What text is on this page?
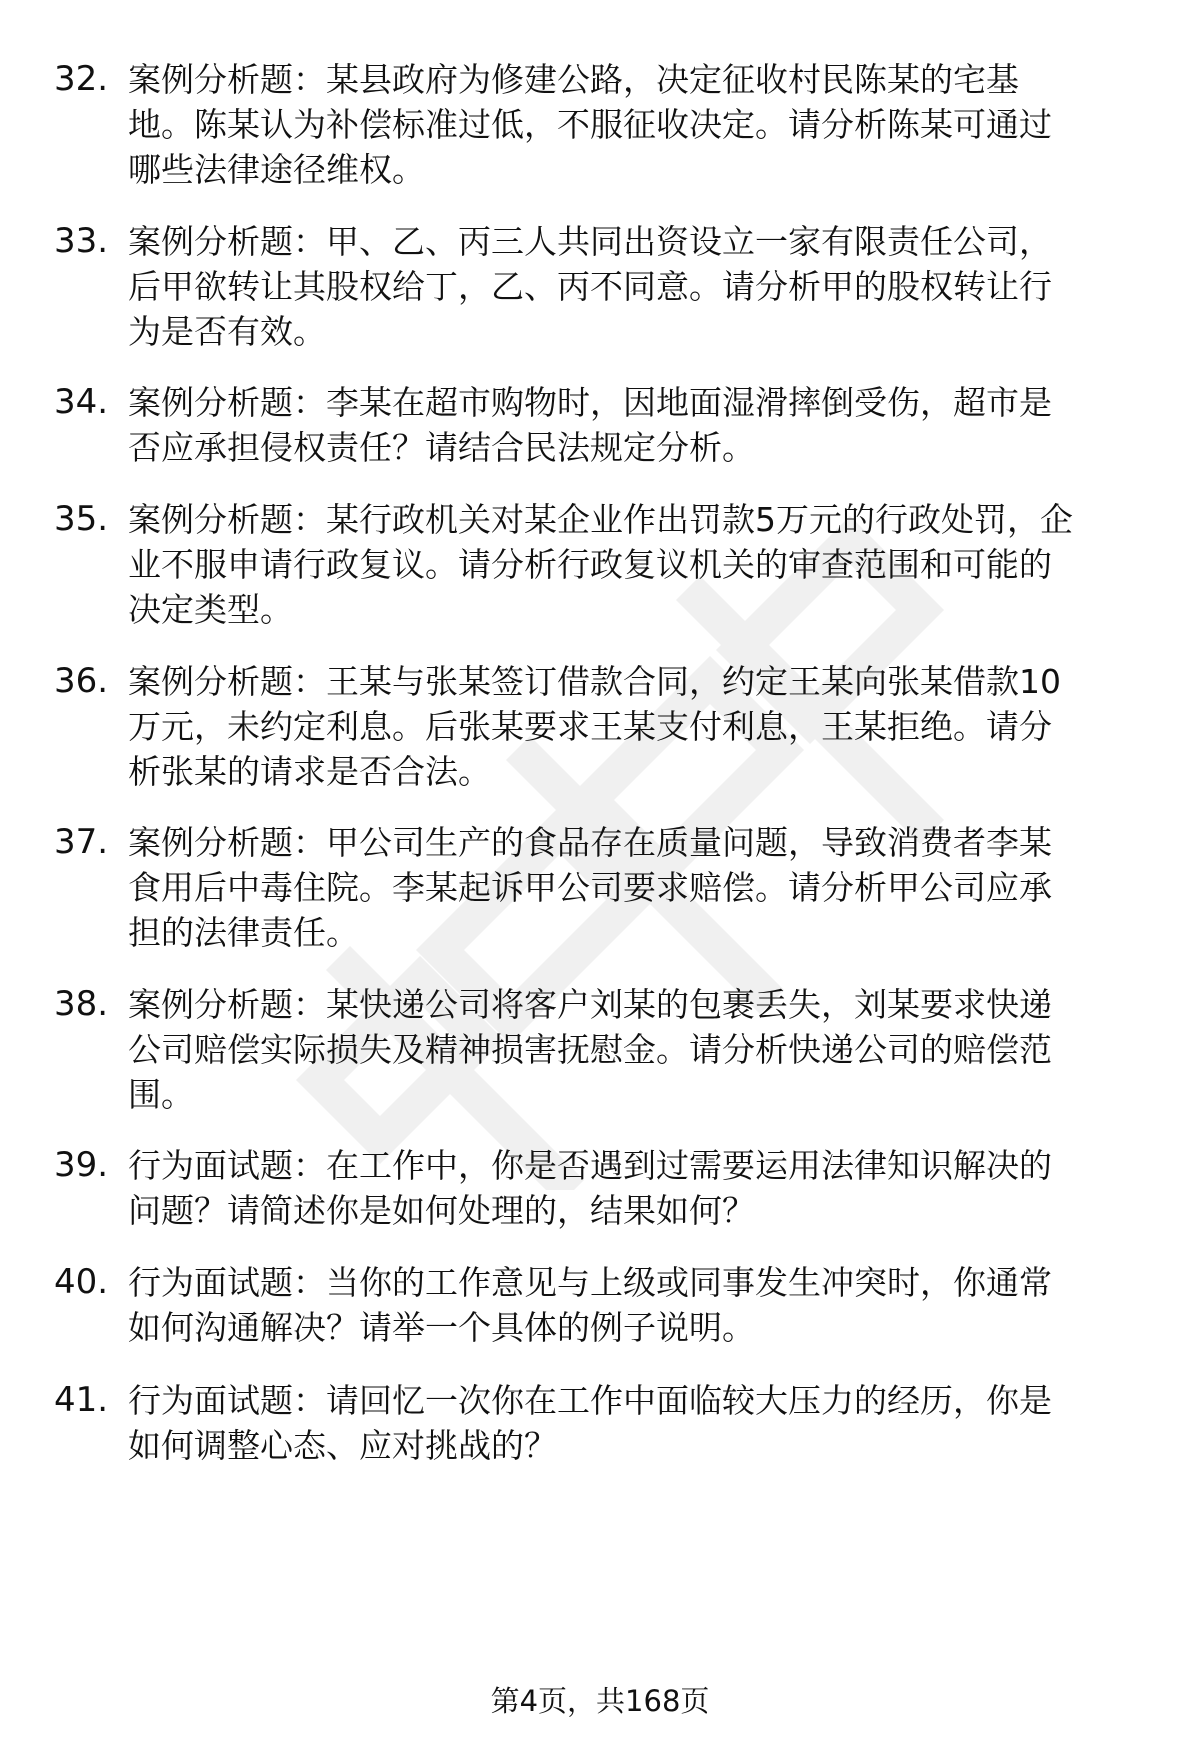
32. 案例分析题：某县政府为修建公路，决定征收村民陈某的宅基
地。陈某认为补偿标准过低，不服征收决定。请分析陈某可通过
哪些法律途径维权。
33. 案例分析题：甲、乙、丙三人共同出资设立一家有限责任公司，
后甲欲转让其股权给丁，乙、丙不同意。请分析甲的股权转让行
为是否有效。
34. 案例分析题：李某在超市购物时，因地面湿滑摔倒受伤，超市是
否应承担侵权责任？请结合民法规定分析。
35. 案例分析题：某行政机关对某企业作出罚款5万元的行政处罚，企
业不服申请行政复议。请分析行政复议机关的审查范围和可能的
决定类型。
36. 案例分析题：王某与张某签订借款合同，约定王某向张某借款10
万元，未约定利息。后张某要求王某支付利息，王某拒绝。请分
析张某的请求是否合法。
37. 案例分析题：甲公司生产的食品存在质量问题，导致消费者李某
食用后中毒住院。李某起诉甲公司要求赔偿。请分析甲公司应承
担的法律责任。
38. 案例分析题：某快递公司将客户刘某的包裹丢失，刘某要求快递
公司赔偿实际损失及精神损害抚慰金。请分析快递公司的赔偿范
围。
39. 行为面试题：在工作中，你是否遇到过需要运用法律知识解决的
问题？请简述你是如何处理的，结果如何？
40. 行为面试题：当你的工作意见与上级或同事发生冲突时，你通常
如何沟通解决？请举一个具体的例子说明。
41. 行为面试题：请回忆一次你在工作中面临较大压力的经历，你是
如何调整心态、应对挑战的？
第4页，共168页
